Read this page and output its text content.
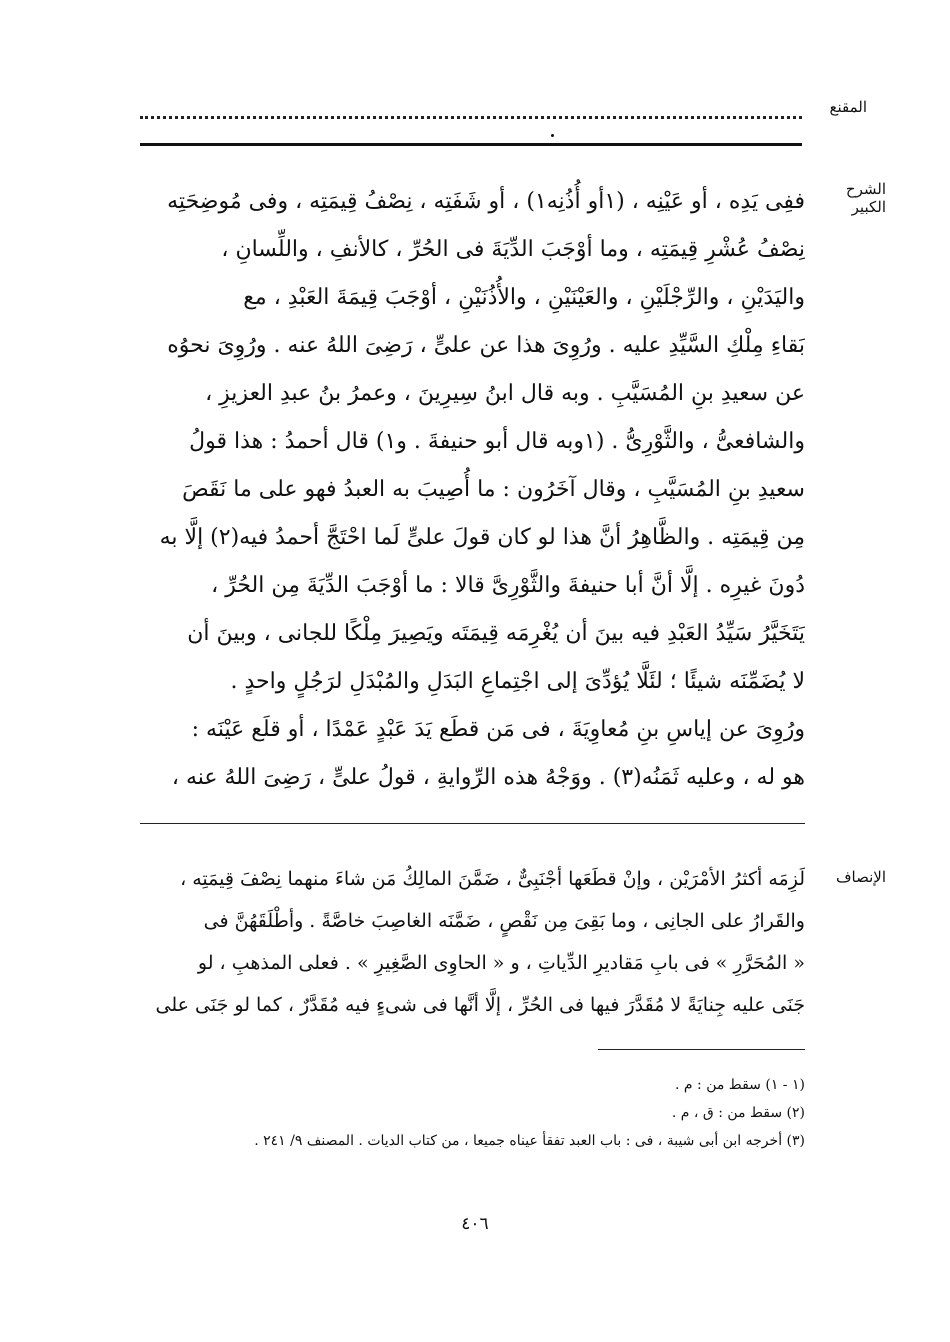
المقنع
الشرح الكبير
ففِى يَدِه ، أو عَيْنِه ، (١أو أُذُنِه١) ، أو شَفَتِه ، نِصْفُ قِيمَتِه ، وفى مُوضِحَتِه
نِصْفُ عُشْرِ قِيمَتِه ، وما أوْجَبَ الدِّيَةَ فى الحُرِّ ، كالأنفِ ، واللِّسانِ ،
واليَدَيْنِ ، والرِّجْلَيْنِ ، والعَيْنَيْنِ ، والأُذُنَيْنِ ، أوْجَبَ قِيمَةَ العَبْدِ ، مع
بَقاءِ مِلْكِ السَّيِّدِ عليه . ورُوِىَ هذا عن علىٍّ ، رَضِىَ اللهُ عنه . ورُوِىَ نحوُه
عن سعيدِ بنِ المُسَيَّبِ . وبه قال ابنُ سِيرِينَ ، وعمرُ بنُ عبدِ العزيزِ ،
والشافعىُّ ، والثَّوْرِىُّ . (١وبه قال أبو حنيفةَ . و١) قال أحمدُ : هذا قولُ
سعيدِ بنِ المُسَيَّبِ ، وقال آخَرُون : ما أُصِيبَ به العبدُ فهو على ما نَقَصَ
مِن قِيمَتِه . والظَّاهِرُ أنَّ هذا لو كان قولَ علىٍّ لَما احْتَجَّ أحمدُ فيه(٢) إلَّا به
دُونَ غيرِه . إلَّا أنَّ أبا حنيفةَ والثَّوْرِىَّ قالا : ما أوْجَبَ الدِّيَةَ مِن الحُرِّ ،
يَتَخَيَّرُ سَيِّدُ العَبْدِ فيه بينَ أن يُغْرِمَه قِيمَتَه ويَصِيرَ مِلْكًا للجانى ، وبينَ أن
لا يُضَمِّنَه شيئًا ؛ لئَلَّا يُؤدِّىَ إلى اجْتِماعِ البَدَلِ والمُبْدَلِ لرَجُلٍ واحدٍ .
ورُوِىَ عن إياسِ بنِ مُعاوِيَةَ ، فى مَن قطَع يَدَ عَبْدٍ عَمْدًا ، أو قلَع عَيْنَه :
هو له ، وعليه ثَمَنُه(٣) . ووَجْهُ هذه الرِّوايةِ ، قولُ علىٍّ ، رَضِىَ اللهُ عنه ،
الإنصاف
لَزِمَه أكثرُ الأمْرَيْن ، وإنْ قطَعَها أجْنَبِىٌّ ، ضَمَّنَ المالِكُ مَن شاءَ منهما نِصْفَ قِيمَتِه ،
والقَرارُ على الجانِى ، وما بَقِىَ مِن نَقْصٍ ، ضَمَّنَه الغاصِبَ خاصَّةً . وأطْلَقَهُنَّ فى
« المُحَرَّرِ » فى بابِ مَقاديرِ الدِّياتِ ، و « الحاوِى الصَّغِيرِ » . فعلى المذهبِ ، لو
جَنَى عليه جِنايَةً لا مُقَدَّرَ فيها فى الحُرِّ ، إلَّا أنَّها فى شىءٍ فيه مُقَدَّرٌ ، كما لو جَنَى على
(١ - ١) سقط من : م .
(٢) سقط من : ق ، م .
(٣) أخرجه ابن أبى شيبة ، فى : باب العبد تفقأ عيناه جميعا ، من كتاب الديات . المصنف ٩/ ٢٤١ .
٤٠٦
